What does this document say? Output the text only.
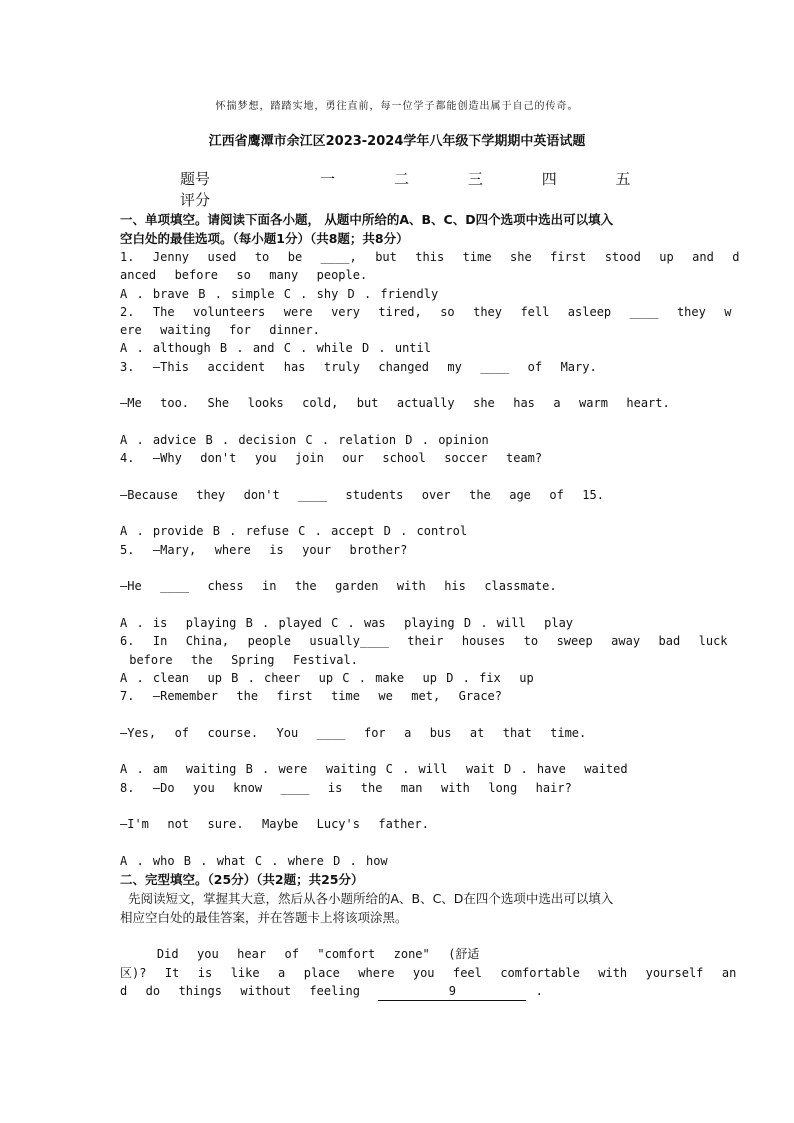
怀揣梦想，踏踏实地，勇往直前，每一位学子都能创造出属于自己的传奇。
江西省鹰潭市余江区2023-2024学年八年级下学期期中英语试题
题号	一	二	三	四	五
评分
一、单项填空。请阅读下面各小题， 从题中所给的A、B、C、D四个选项中选出可以填入
空白处的最佳选项。（每小题1分）（共8题；共8分）
1.  Jenny  used  to  be  ____,  but  this  time  she  first  stood  up  and  d
anced  before  so  many  people.
A . brave B . simple C . shy D . friendly
2.  The  volunteers  were  very  tired,  so  they  fell  asleep  ____  they  w
ere  waiting  for  dinner.
A . although B . and C . while D . until
3.  —This  accident  has  truly  changed  my  ____  of  Mary.
—Me  too.  She  looks  cold,  but  actually  she  has  a  warm  heart.
A . advice B . decision C . relation D . opinion
4.  —Why  don't  you  join  our  school  soccer  team?
—Because  they  don't  ____  students  over  the  age  of  15.
A . provide B . refuse C . accept D . control
5.  —Mary,  where  is  your  brother?
—He  ____  chess  in  the  garden  with  his  classmate.
A . is  playing B . played C . was  playing D . will  play
6.  In  China,  people  usually____  their  houses  to  sweep  away  bad  luck
before  the  Spring  Festival.
A . clean  up B . cheer  up C . make  up D . fix  up
7.  —Remember  the  first  time  we  met,  Grace?
—Yes,  of  course.  You  ____  for  a  bus  at  that  time.
A . am  waiting B . were  waiting C . will  wait D . have  waited
8.  —Do  you  know  ____  is  the  man  with  long  hair?
—I'm  not  sure.  Maybe  Lucy's  father.
A . who B . what C . where D . how
二、完型填空。（25分）（共2题；共25分）
先阅读短文，掌握其大意，然后从各小题所给的A、B、C、D在四个选项中选出可以填入
相应空白处的最佳答案，并在答题卡上将该项涂黑。
Did  you  hear  of  "comfort  zone"  (舒适
区)?  It  is  like  a  place  where  you  feel  comfortable  with  yourself  an
d  do  things  without  feeling	9	.
